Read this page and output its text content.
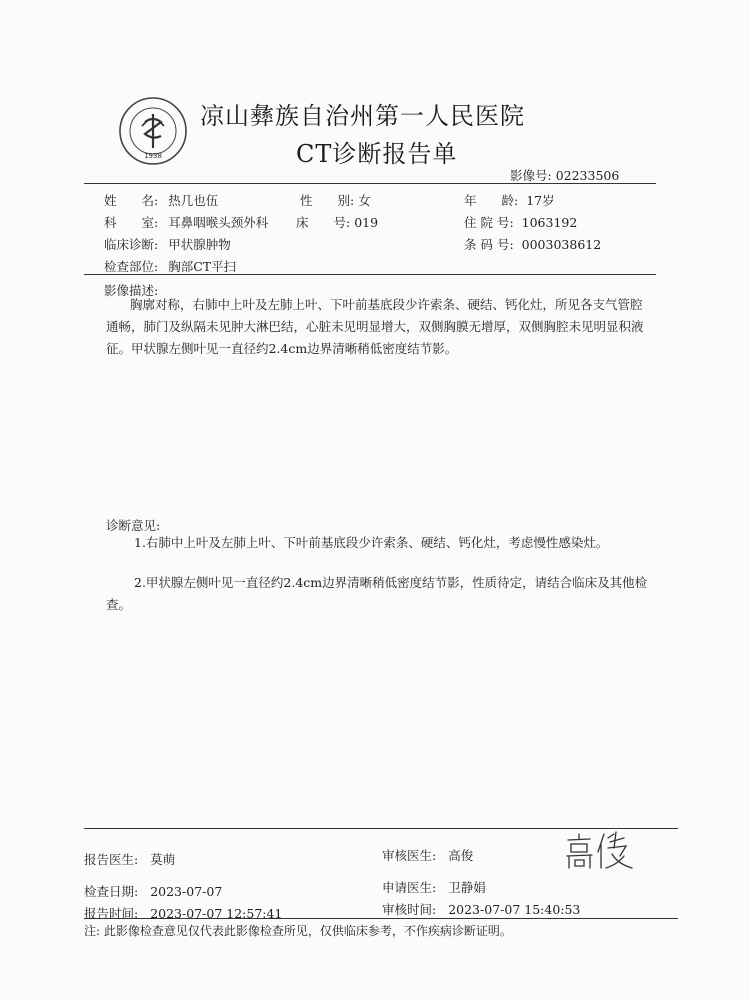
1938
凉山彝族自治州第一人民医院
CT诊断报告单
影像号: 02233506
姓　　名: 热几也伍	性　　别: 女	年　　龄: 17岁
科　　室: 耳鼻咽喉头颈外科 床　　号: 019	住 院 号: 1063192
临床诊断: 甲状腺肿物	条 码 号: 0003038612
检查部位: 胸部CT平扫
影像描述:
胸廓对称，右肺中上叶及左肺上叶、下叶前基底段少许索条、硬结、钙化灶，所见各支气管腔通畅，肺门及纵隔未见肿大淋巴结，心脏未见明显增大，双侧胸膜无增厚，双侧胸腔未见明显积液征。甲状腺左侧叶见一直径约2.4cm边界清晰稍低密度结节影。
诊断意见:
1.右肺中上叶及左肺上叶、下叶前基底段少许索条、硬结、钙化灶，考虑慢性感染灶。
2.甲状腺左侧叶见一直径约2.4cm边界清晰稍低密度结节影，性质待定，请结合临床及其他检查。
报告医生: 莫萌	审核医生: 高俊
检查日期: 2023-07-07	申请医生: 卫静娟
报告时间: 2023-07-07 12:57:41	审核时间: 2023-07-07 15:40:53
注: 此影像检查意见仅代表此影像检查所见，仅供临床参考，不作疾病诊断证明。
